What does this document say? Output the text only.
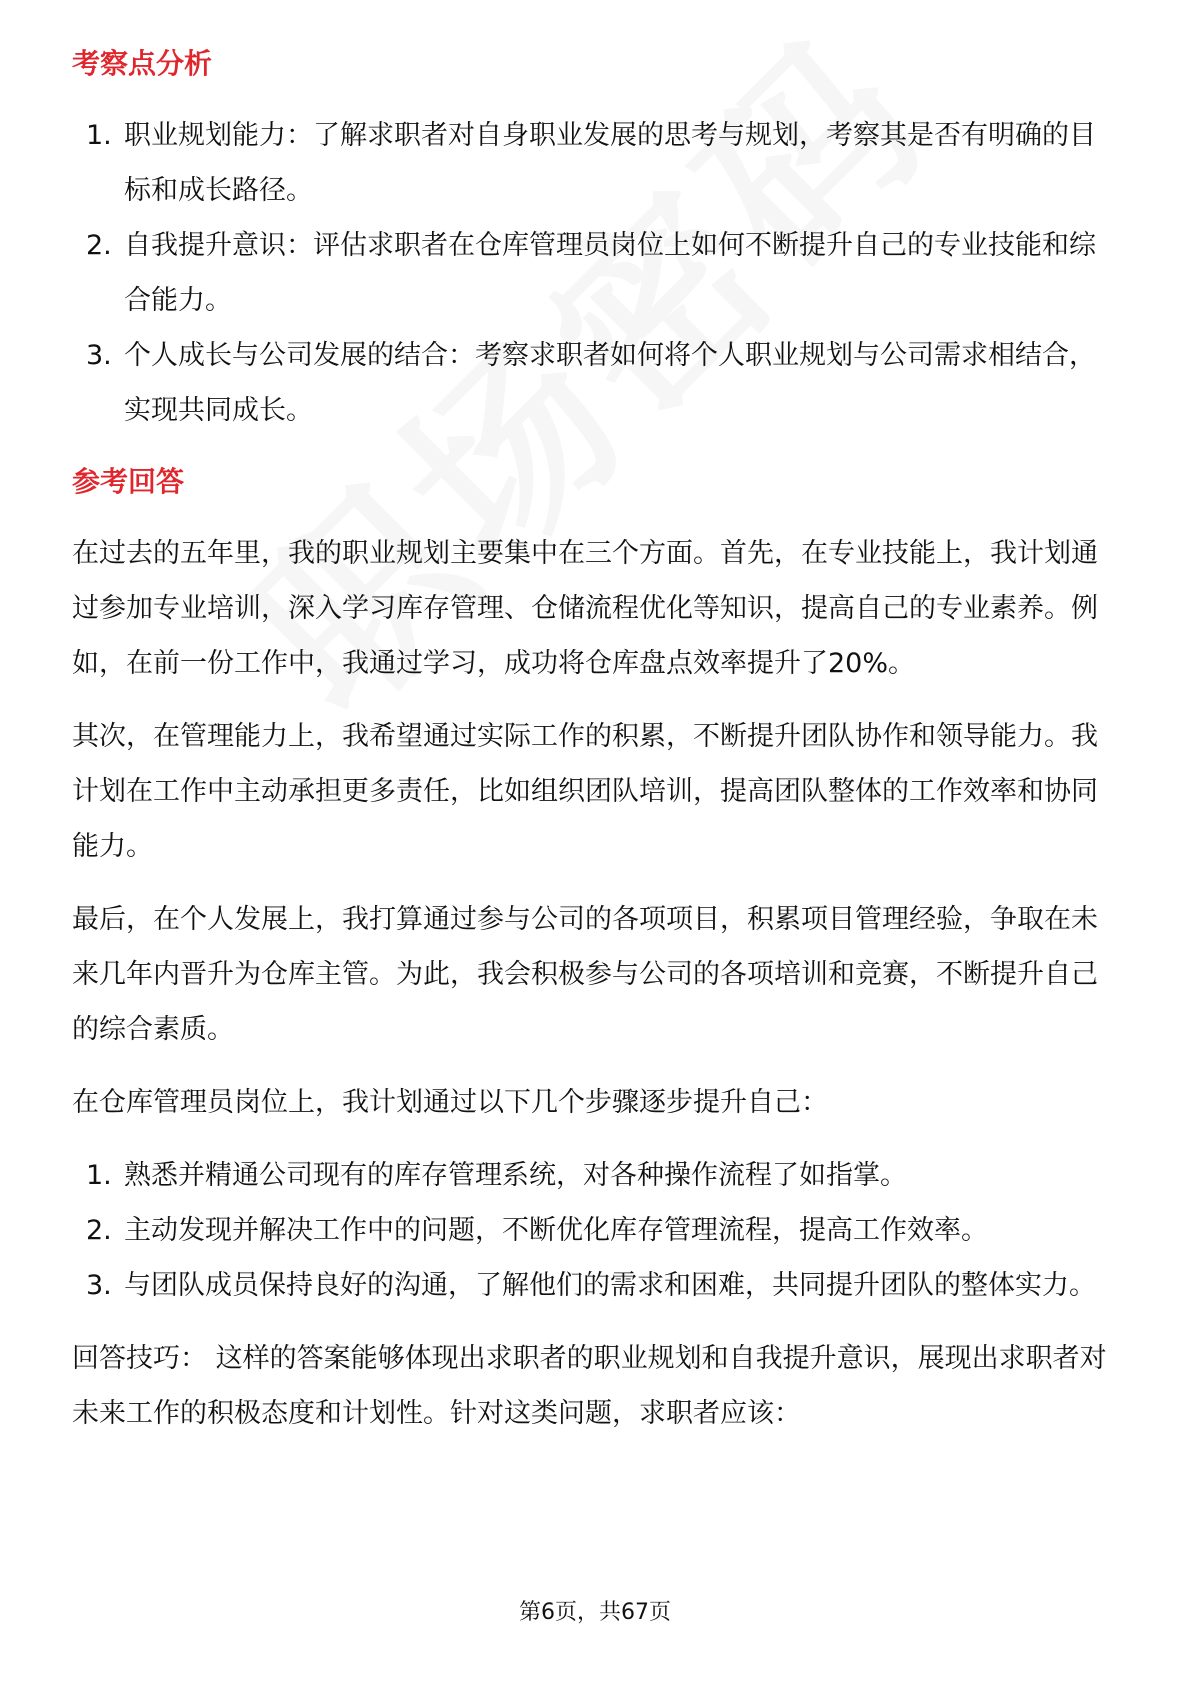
考察点分析
1. 职业规划能力：了解求职者对自身职业发展的思考与规划，考察其是否有明确的目标和成长路径。
2. 自我提升意识：评估求职者在仓库管理员岗位上如何不断提升自己的专业技能和综合能力。
3. 个人成长与公司发展的结合：考察求职者如何将个人职业规划与公司需求相结合，实现共同成长。
参考回答

在过去的五年里，我的职业规划主要集中在三个方面。首先，在专业技能上，我计划通过参加专业培训，深入学习库存管理、仓储流程优化等知识，提高自己的专业素养。例如，在前一份工作中，我通过学习，成功将仓库盘点效率提升了20%。

其次，在管理能力上，我希望通过实际工作的积累，不断提升团队协作和领导能力。我计划在工作中主动承担更多责任，比如组织团队培训，提高团队整体的工作效率和协同能力。

最后，在个人发展上，我打算通过参与公司的各项项目，积累项目管理经验，争取在未来几年内晋升为仓库主管。为此，我会积极参与公司的各项培训和竞赛，不断提升自己的综合素质。

在仓库管理员岗位上，我计划通过以下几个步骤逐步提升自己：

1. 熟悉并精通公司现有的库存管理系统，对各种操作流程了如指掌。
2. 主动发现并解决工作中的问题，不断优化库存管理流程，提高工作效率。
3. 与团队成员保持良好的沟通，了解他们的需求和困难，共同提升团队的整体实力。

回答技巧： 这样的答案能够体现出求职者的职业规划和自我提升意识，展现出求职者对未来工作的积极态度和计划性。针对这类问题，求职者应该：

第6页，共67页
